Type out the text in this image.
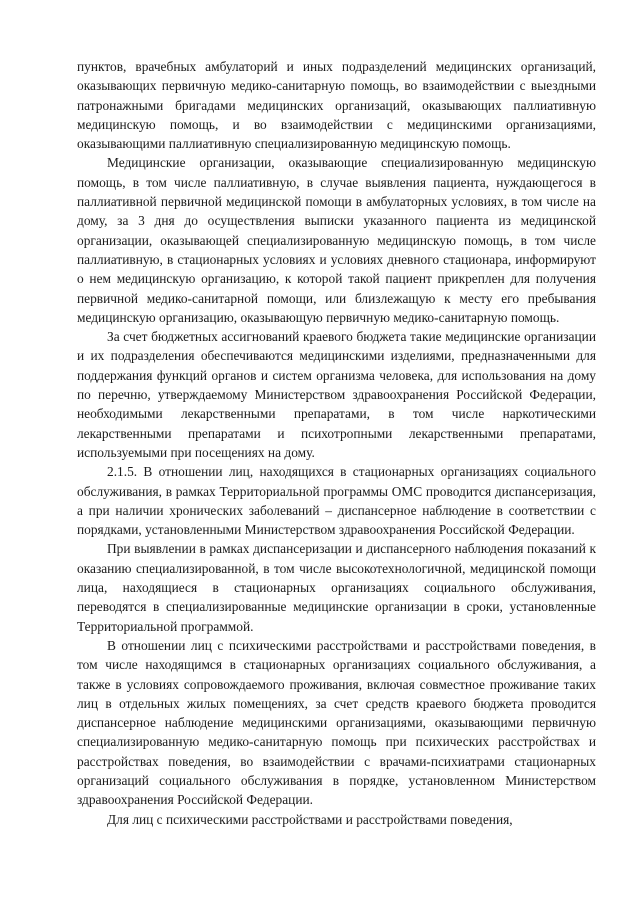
пунктов, врачебных амбулаторий и иных подразделений медицинских организаций, оказывающих первичную медико-санитарную помощь, во взаимодействии с выездными патронажными бригадами медицинских организаций, оказывающих паллиативную медицинскую помощь, и во взаимодействии с медицинскими организациями, оказывающими паллиативную специализированную медицинскую помощь.

Медицинские организации, оказывающие специализированную медицинскую помощь, в том числе паллиативную, в случае выявления пациента, нуждающегося в паллиативной первичной медицинской помощи в амбулаторных условиях, в том числе на дому, за 3 дня до осуществления выписки указанного пациента из медицинской организации, оказывающей специализированную медицинскую помощь, в том числе паллиативную, в стационарных условиях и условиях дневного стационара, информируют о нем медицинскую организацию, к которой такой пациент прикреплен для получения первичной медико-санитарной помощи, или близлежащую к месту его пребывания медицинскую организацию, оказывающую первичную медико-санитарную помощь.

За счет бюджетных ассигнований краевого бюджета такие медицинские организации и их подразделения обеспечиваются медицинскими изделиями, предназначенными для поддержания функций органов и систем организма человека, для использования на дому по перечню, утверждаемому Министерством здравоохранения Российской Федерации, необходимыми лекарственными препаратами, в том числе наркотическими лекарственными препаратами и психотропными лекарственными препаратами, используемыми при посещениях на дому.

2.1.5. В отношении лиц, находящихся в стационарных организациях социального обслуживания, в рамках Территориальной программы ОМС проводится диспансеризация, а при наличии хронических заболеваний – диспансерное наблюдение в соответствии с порядками, установленными Министерством здравоохранения Российской Федерации.

При выявлении в рамках диспансеризации и диспансерного наблюдения показаний к оказанию специализированной, в том числе высокотехнологичной, медицинской помощи лица, находящиеся в стационарных организациях социального обслуживания, переводятся в специализированные медицинские организации в сроки, установленные Территориальной программой.

В отношении лиц с психическими расстройствами и расстройствами поведения, в том числе находящимся в стационарных организациях социального обслуживания, а также в условиях сопровождаемого проживания, включая совместное проживание таких лиц в отдельных жилых помещениях, за счет средств краевого бюджета проводится диспансерное наблюдение медицинскими организациями, оказывающими первичную специализированную медико-санитарную помощь при психических расстройствах и расстройствах поведения, во взаимодействии с врачами-психиатрами стационарных организаций социального обслуживания в порядке, установленном Министерством здравоохранения Российской Федерации.

Для лиц с психическими расстройствами и расстройствами поведения,
